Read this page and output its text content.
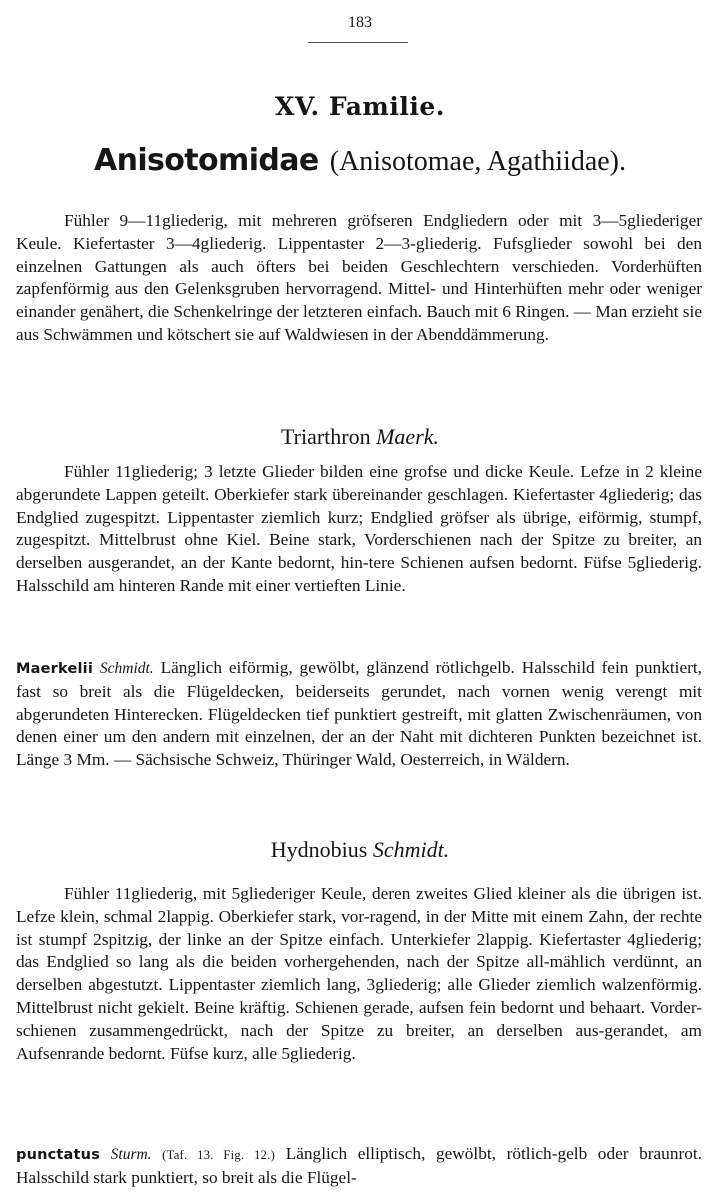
183
XV. Familie.
Anisotomidae (Anisotomae, Agathiidae).

Fühler 9—11gliederig, mit mehreren gröfseren Endgliedern oder mit 3—5gliederiger Keule. Kiefertaster 3—4gliederig. Lippentaster 2—3-gliederig. Fufsglieder sowohl bei den einzelnen Gattungen als auch öfters bei beiden Geschlechtern verschieden. Vorderhüften zapfenförmig aus den Gelenksgruben hervorragend. Mittel- und Hinterhüften mehr oder weniger einander genähert, die Schenkelringe der letzteren einfach. Bauch mit 6 Ringen. — Man erzieht sie aus Schwämmen und kötschert sie auf Waldwiesen in der Abenddämmerung.

Triarthron Maerk.

Fühler 11gliederig; 3 letzte Glieder bilden eine grofse und dicke Keule. Lefze in 2 kleine abgerundete Lappen geteilt. Oberkiefer stark übereinander geschlagen. Kiefertaster 4gliederig; das Endglied zugespitzt. Lippentaster ziemlich kurz; Endglied gröfser als übrige, eiförmig, stumpf, zugespitzt. Mittelbrust ohne Kiel. Beine stark, Vorderschienen nach der Spitze zu breiter, an derselben ausgerandet, an der Kante bedornt, hin-tere Schienen aufsen bedornt. Füfse 5gliederig. Halsschild am hinteren Rande mit einer vertieften Linie.

Maerkelii Schmidt. Länglich eiförmig, gewölbt, glänzend rötlichgelb. Halsschild fein punktiert, fast so breit als die Flügeldecken, beiderseits gerundet, nach vornen wenig verengt mit abgerundeten Hinterecken. Flügeldecken tief punktiert gestreift, mit glatten Zwischenräumen, von denen einer um den andern mit einzelnen, der an der Naht mit dichteren Punkten bezeichnet ist. Länge 3 Mm. — Sächsische Schweiz, Thüringer Wald, Oesterreich, in Wäldern.

Hydnobius Schmidt.

Fühler 11gliederig, mit 5gliederiger Keule, deren zweites Glied kleiner als die übrigen ist. Lefze klein, schmal 2lappig. Oberkiefer stark, vor-ragend, in der Mitte mit einem Zahn, der rechte ist stumpf 2spitzig, der linke an der Spitze einfach. Unterkiefer 2lappig. Kiefertaster 4gliederig; das Endglied so lang als die beiden vorhergehenden, nach der Spitze all-mählich verdünnt, an derselben abgestutzt. Lippentaster ziemlich lang, 3gliederig; alle Glieder ziemlich walzenförmig. Mittelbrust nicht gekielt. Beine kräftig. Schienen gerade, aufsen fein bedornt und behaart. Vorder-schienen zusammengedrückt, nach der Spitze zu breiter, an derselben aus-gerandet, am Aufsenrande bedornt. Füfse kurz, alle 5gliederig.

punctatus Sturm. (Taf. 13. Fig. 12.) Länglich elliptisch, gewölbt, rötlich-gelb oder braunrot. Halsschild stark punktiert, so breit als die Flügel-
